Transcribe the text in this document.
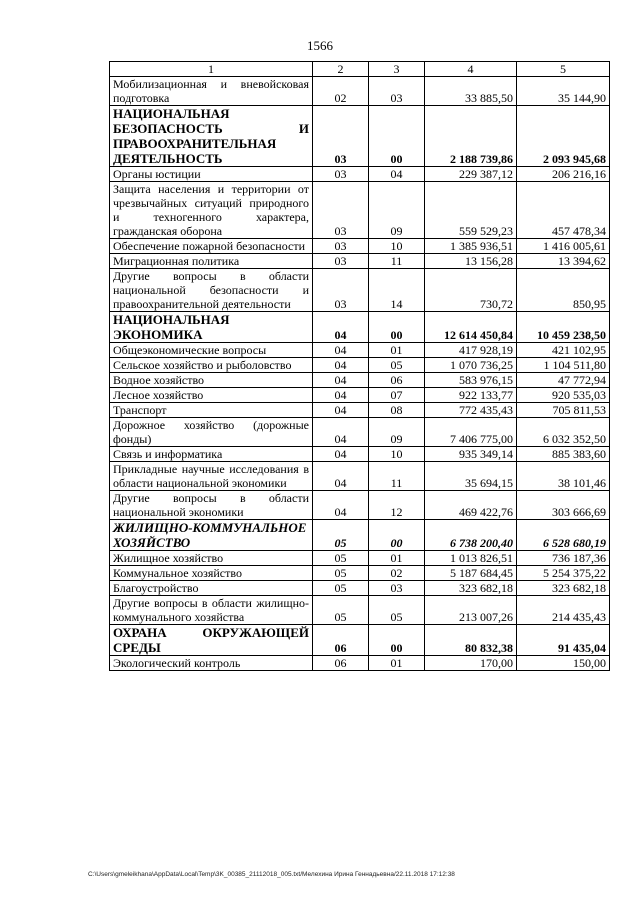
1566
1	2	3	4	5
Мобилизационная и вневойсковая подготовка	02	03	33 885,50	35 144,90
НАЦИОНАЛЬНАЯ БЕЗОПАСНОСТЬ И ПРАВООХРАНИТЕЛЬНАЯ ДЕЯТЕЛЬНОСТЬ	03	00	2 188 739,86	2 093 945,68
Органы юстиции	03	04	229 387,12	206 216,16
Защита населения и территории от чрезвычайных ситуаций природного и техногенного характера, гражданская оборона	03	09	559 529,23	457 478,34
Обеспечение пожарной безопасности	03	10	1 385 936,51	1 416 005,61
Миграционная политика	03	11	13 156,28	13 394,62
Другие вопросы в области национальной безопасности и правоохранительной деятельности	03	14	730,72	850,95
НАЦИОНАЛЬНАЯ ЭКОНОМИКА	04	00	12 614 450,84	10 459 238,50
Общеэкономические вопросы	04	01	417 928,19	421 102,95
Сельское хозяйство и рыболовство	04	05	1 070 736,25	1 104 511,80
Водное хозяйство	04	06	583 976,15	47 772,94
Лесное хозяйство	04	07	922 133,77	920 535,03
Транспорт	04	08	772 435,43	705 811,53
Дорожное хозяйство (дорожные фонды)	04	09	7 406 775,00	6 032 352,50
Связь и информатика	04	10	935 349,14	885 383,60
Прикладные научные исследования в области национальной экономики	04	11	35 694,15	38 101,46
Другие вопросы в области национальной экономики	04	12	469 422,76	303 666,69
ЖИЛИЩНО-КОММУНАЛЬНОЕ ХОЗЯЙСТВО	05	00	6 738 200,40	6 528 680,19
Жилищное хозяйство	05	01	1 013 826,51	736 187,36
Коммунальное хозяйство	05	02	5 187 684,45	5 254 375,22
Благоустройство	05	03	323 682,18	323 682,18
Другие вопросы в области жилищно-коммунального хозяйства	05	05	213 007,26	214 435,43
ОХРАНА ОКРУЖАЮЩЕЙ СРЕДЫ	06	00	80 832,38	91 435,04
Экологический контроль	06	01	170,00	150,00
C:\Users\gmeleikhana\AppData\Local\Temp\3K_00385_21112018_005.txt/Мелехина Ирина Геннадьевна/22.11.2018 17:12:38
